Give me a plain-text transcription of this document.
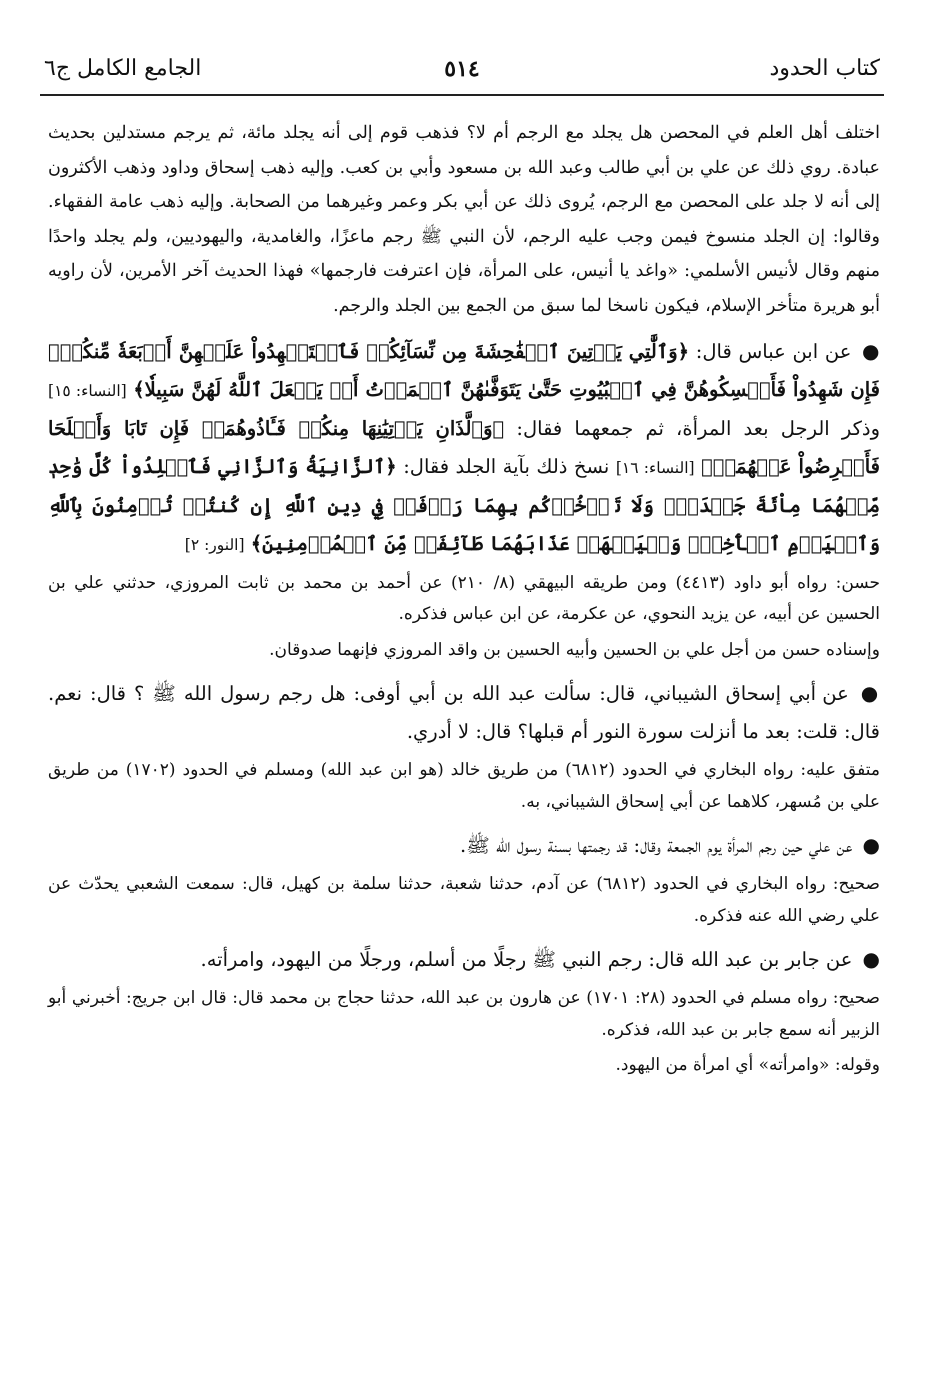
كتاب الحدود
٥١٤
الجامع الكامل ج٦

اختلف أهل العلم في المحصن هل يجلد مع الرجم أم لا؟ فذهب قوم إلى أنه يجلد مائة، ثم يرجم مستدلين بحديث عبادة. روي ذلك عن علي بن أبي طالب وعبد الله بن مسعود وأبي بن كعب. وإليه ذهب إسحاق وداود وذهب الأكثرون إلى أنه لا جلد على المحصن مع الرجم، يُروى ذلك عن أبي بكر وعمر وغيرهما من الصحابة. وإليه ذهب عامة الفقهاء. وقالوا: إن الجلد منسوخ فيمن وجب عليه الرجم، لأن النبي ﷺ رجم ماعزًا، والغامدية، واليهوديين، ولم يجلد واحدًا منهم وقال لأنيس الأسلمي: «واغد يا أنيس، على المرأة، فإن اعترفت فارجمها» فهذا الحديث آخر الأمرين، لأن راويه أبو هريرة متأخر الإسلام، فيكون ناسخا لما سبق من الجمع بين الجلد والرجم.

● عن ابن عباس قال: ﴿وَٱلَّٰتِي يَأۡتِينَ ٱلۡفَٰحِشَةَ مِن نِّسَآئِكُمۡ فَٱسۡتَشۡهِدُواْ عَلَيۡهِنَّ أَرۡبَعَةٗ مِّنكُمۡۖ فَإِن شَهِدُواْ فَأَمۡسِكُوهُنَّ فِي ٱلۡبُيُوتِ حَتَّىٰ يَتَوَفَّىٰهُنَّ ٱلۡمَوۡتُ أَوۡ يَجۡعَلَ ٱللَّهُ لَهُنَّ سَبِيلٗا﴾ [النساء: ١٥] وذكر الرجل بعد المرأة، ثم جمعهما فقال: ﴿وَٱلَّذَانِ يَأۡتِيَٰنِهَا مِنكُمۡ فَـَٔاذُوهُمَاۖ فَإِن تَابَا وَأَصۡلَحَا فَأَعۡرِضُواْ عَنۡهُمَآۗ﴾ [النساء: ١٦] نسخ ذلك بآية الجلد فقال: ﴿ٱلزَّانِيَةُ وَٱلزَّانِي فَٱجۡلِدُواْ كُلَّ وَٰحِدٖ مِّنۡهُمَا مِاْئَةَ جَلۡدَةٖۖ وَلَا تَأۡخُذۡكُم بِهِمَا رَأۡفَةٞ فِي دِينِ ٱللَّهِ إِن كُنتُمۡ تُؤۡمِنُونَ بِٱللَّهِ وَٱلۡيَوۡمِ ٱلۡأٓخِرِۖ وَلۡيَشۡهَدۡ عَذَابَهُمَا طَآئِفَةٞ مِّنَ ٱلۡمُؤۡمِنِينَ﴾ [النور: ٢]

حسن: رواه أبو داود (٤٤١٣) ومن طريقه البيهقي (٨/ ٢١٠) عن أحمد بن محمد بن ثابت المروزي، حدثني علي بن الحسين عن أبيه، عن يزيد النحوي، عن عكرمة، عن ابن عباس فذكره.

وإسناده حسن من أجل علي بن الحسين وأبيه الحسين بن واقد المروزي فإنهما صدوقان.

● عن أبي إسحاق الشيباني، قال: سألت عبد الله بن أبي أوفى: هل رجم رسول الله ﷺ ؟ قال: نعم. قال: قلت: بعد ما أنزلت سورة النور أم قبلها؟ قال: لا أدري.

متفق عليه: رواه البخاري في الحدود (٦٨١٢) من طريق خالد (هو ابن عبد الله) ومسلم في الحدود (١٧٠٢) من طريق علي بن مُسهر، كلاهما عن أبي إسحاق الشيباني، به.

● عن علي حين رجم المرأة يوم الجمعة وقال: قد رجمتها بسنة رسول الله ﷺ.

صحيح: رواه البخاري في الحدود (٦٨١٢) عن آدم، حدثنا شعبة، حدثنا سلمة بن كهيل، قال: سمعت الشعبي يحدّث عن علي رضي الله عنه فذكره.

● عن جابر بن عبد الله قال: رجم النبي ﷺ رجلًا من أسلم، ورجلًا من اليهود، وامرأته.

صحيح: رواه مسلم في الحدود (٢٨: ١٧٠١) عن هارون بن عبد الله، حدثنا حجاج بن محمد قال: قال ابن جريج: أخبرني أبو الزبير أنه سمع جابر بن عبد الله، فذكره.

وقوله: «وامرأته» أي امرأة من اليهود.
